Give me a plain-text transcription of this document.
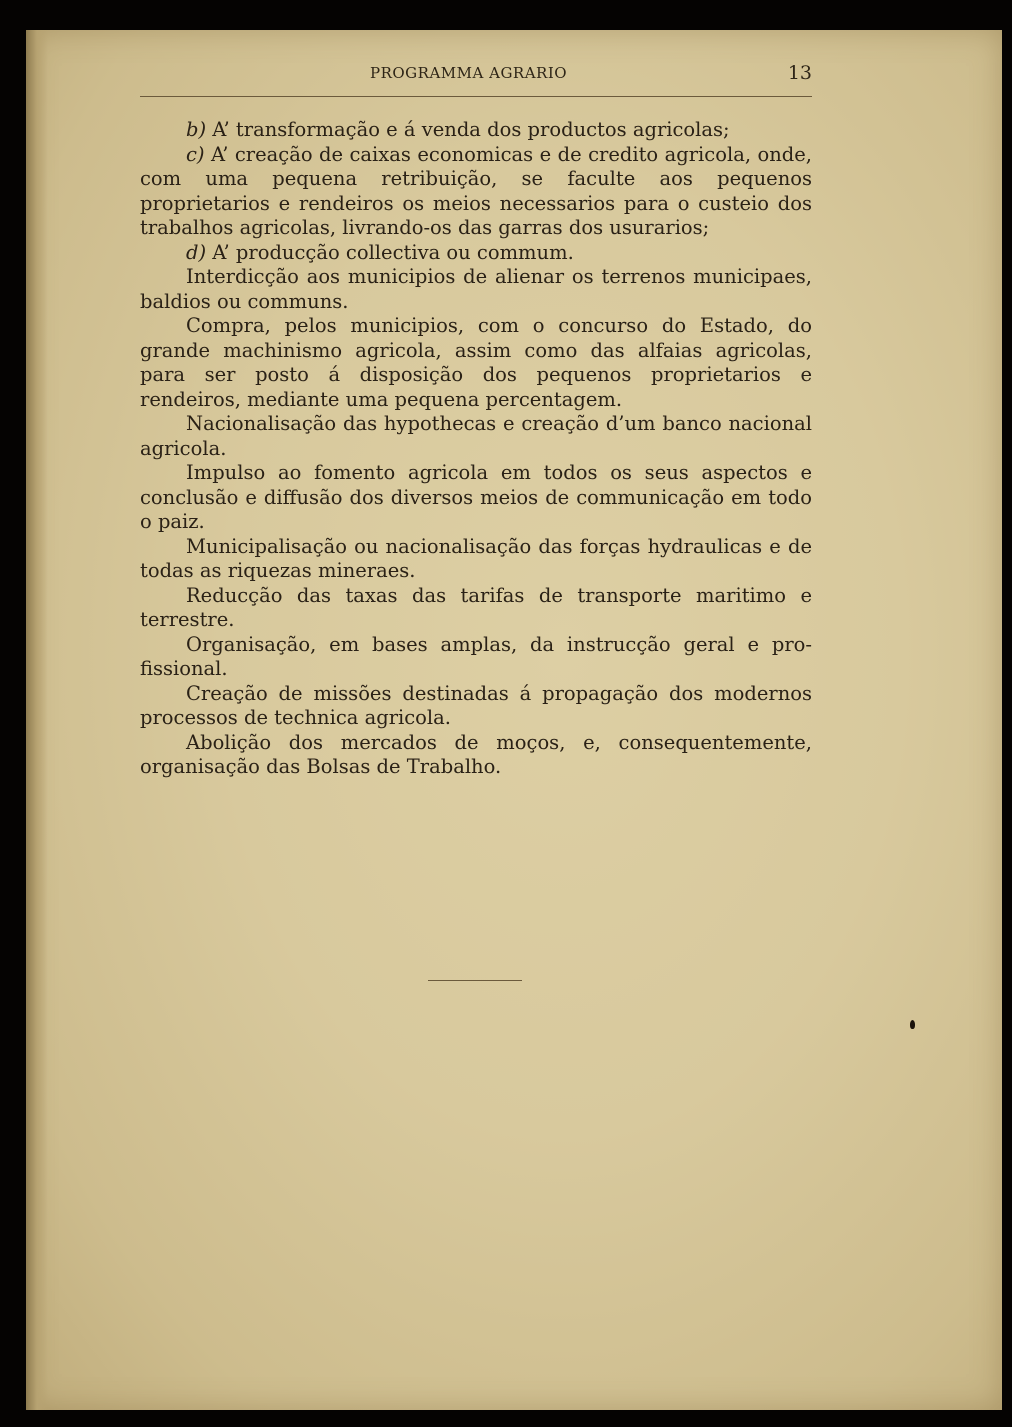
PROGRAMMA AGRARIO	13

b) A’ transformação e á venda dos productos agricolas;

c) A’ creação de caixas economicas e de credito agricola, onde, com uma pequena retribuição, se faculte aos pequenos proprietarios e rendeiros os meios necessarios para o custeio dos trabalhos agricolas, livrando-os das garras dos usurarios;

d) A’ producção collectiva ou commum.

Interdicção aos municipios de alienar os terrenos municipaes, baldios ou communs.

Compra, pelos municipios, com o concurso do Estado, do grande machinismo agricola, assim como das alfaias agricolas, para ser posto á disposição dos pequenos proprietarios e rendeiros, mediante uma pequena percentagem.

Nacionalisação das hypothecas e creação d’um banco nacional agricola.

Impulso ao fomento agricola em todos os seus aspectos e conclusão e diffusão dos diversos meios de communicação em todo o paiz.

Municipalisação ou nacionalisação das forças hydraulicas e de todas as riquezas mineraes.

Reducção das taxas das tarifas de transporte maritimo e terrestre.

Organisação, em bases amplas, da instrucção geral e profissional.

Creação de missões destinadas á propagação dos modernos processos de technica agricola.

Abolição dos mercados de moços, e, consequentemente, organisação das Bolsas de Trabalho.
